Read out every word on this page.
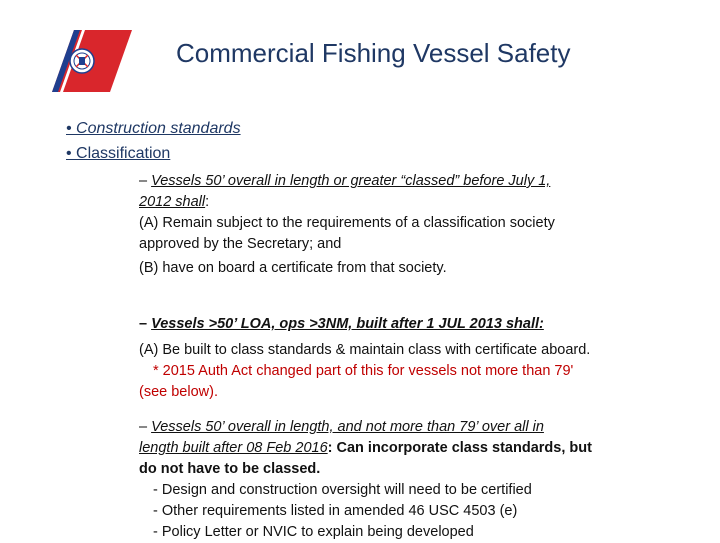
Commercial Fishing Vessel Safety
• Construction standards
• Classification
– Vessels 50’ overall in length or greater “classed” before July 1,
2012 shall:
(A) Remain subject to the requirements of a classification society
approved by the Secretary; and
(B) have on board a certificate from that society.
– Vessels >50’ LOA, ops >3NM, built after 1 JUL 2013 shall:
(A) Be built to class standards & maintain class with certificate aboard.
* 2015 Auth Act changed part of this for vessels not more than 79'
(see below).
– Vessels 50’ overall in length, and not more than 79’ over all in
length built after 08 Feb 2016: Can incorporate class standards, but
do not have to be classed.
- Design and construction oversight will need to be certified
- Other requirements listed in amended 46 USC 4503 (e)
- Policy Letter or NVIC to explain being developed
